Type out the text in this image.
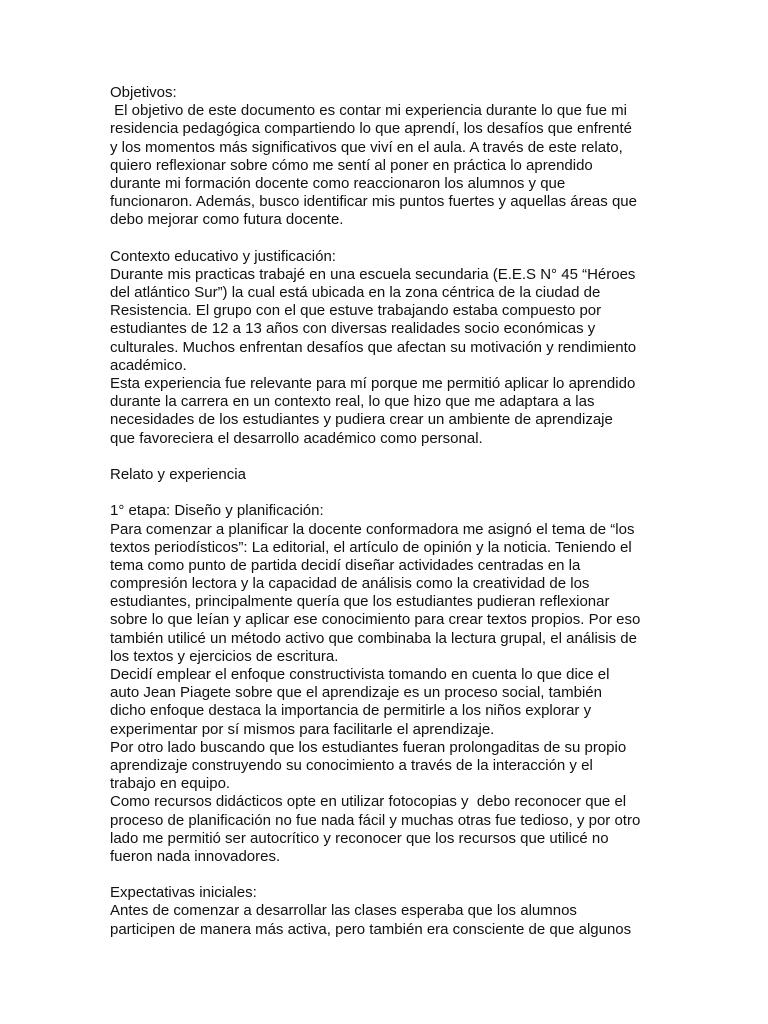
Objetivos:
El objetivo de este documento es contar mi experiencia durante lo que fue mi
residencia pedagógica compartiendo lo que aprendí, los desafíos que enfrenté
y los momentos más significativos que viví en el aula. A través de este relato,
quiero reflexionar sobre cómo me sentí al poner en práctica lo aprendido
durante mi formación docente como reaccionaron los alumnos y que
funcionaron. Además, busco identificar mis puntos fuertes y aquellas áreas que
debo mejorar como futura docente.
Contexto educativo y justificación:
Durante mis practicas trabajé en una escuela secundaria (E.E.S N° 45 “Héroes
del atlántico Sur”) la cual está ubicada en la zona céntrica de la ciudad de
Resistencia. El grupo con el que estuve trabajando estaba compuesto por
estudiantes de 12 a 13 años con diversas realidades socio económicas y
culturales. Muchos enfrentan desafíos que afectan su motivación y rendimiento
académico.
Esta experiencia fue relevante para mí porque me permitió aplicar lo aprendido
durante la carrera en un contexto real, lo que hizo que me adaptara a las
necesidades de los estudiantes y pudiera crear un ambiente de aprendizaje
que favoreciera el desarrollo académico como personal.
Relato y experiencia
1° etapa: Diseño y planificación:
Para comenzar a planificar la docente conformadora me asignó el tema de “los
textos periodísticos”: La editorial, el artículo de opinión y la noticia. Teniendo el
tema como punto de partida decidí diseñar actividades centradas en la
compresión lectora y la capacidad de análisis como la creatividad de los
estudiantes, principalmente quería que los estudiantes pudieran reflexionar
sobre lo que leían y aplicar ese conocimiento para crear textos propios. Por eso
también utilicé un método activo que combinaba la lectura grupal, el análisis de
los textos y ejercicios de escritura.
Decidí emplear el enfoque constructivista tomando en cuenta lo que dice el
auto Jean Piagete sobre que el aprendizaje es un proceso social, también
dicho enfoque destaca la importancia de permitirle a los niños explorar y
experimentar por sí mismos para facilitarle el aprendizaje.
Por otro lado buscando que los estudiantes fueran prolongaditas de su propio
aprendizaje construyendo su conocimiento a través de la interacción y el
trabajo en equipo.
Como recursos didácticos opte en utilizar fotocopias y  debo reconocer que el
proceso de planificación no fue nada fácil y muchas otras fue tedioso, y por otro
lado me permitió ser autocrítico y reconocer que los recursos que utilicé no
fueron nada innovadores.
Expectativas iniciales:
Antes de comenzar a desarrollar las clases esperaba que los alumnos
participen de manera más activa, pero también era consciente de que algunos
